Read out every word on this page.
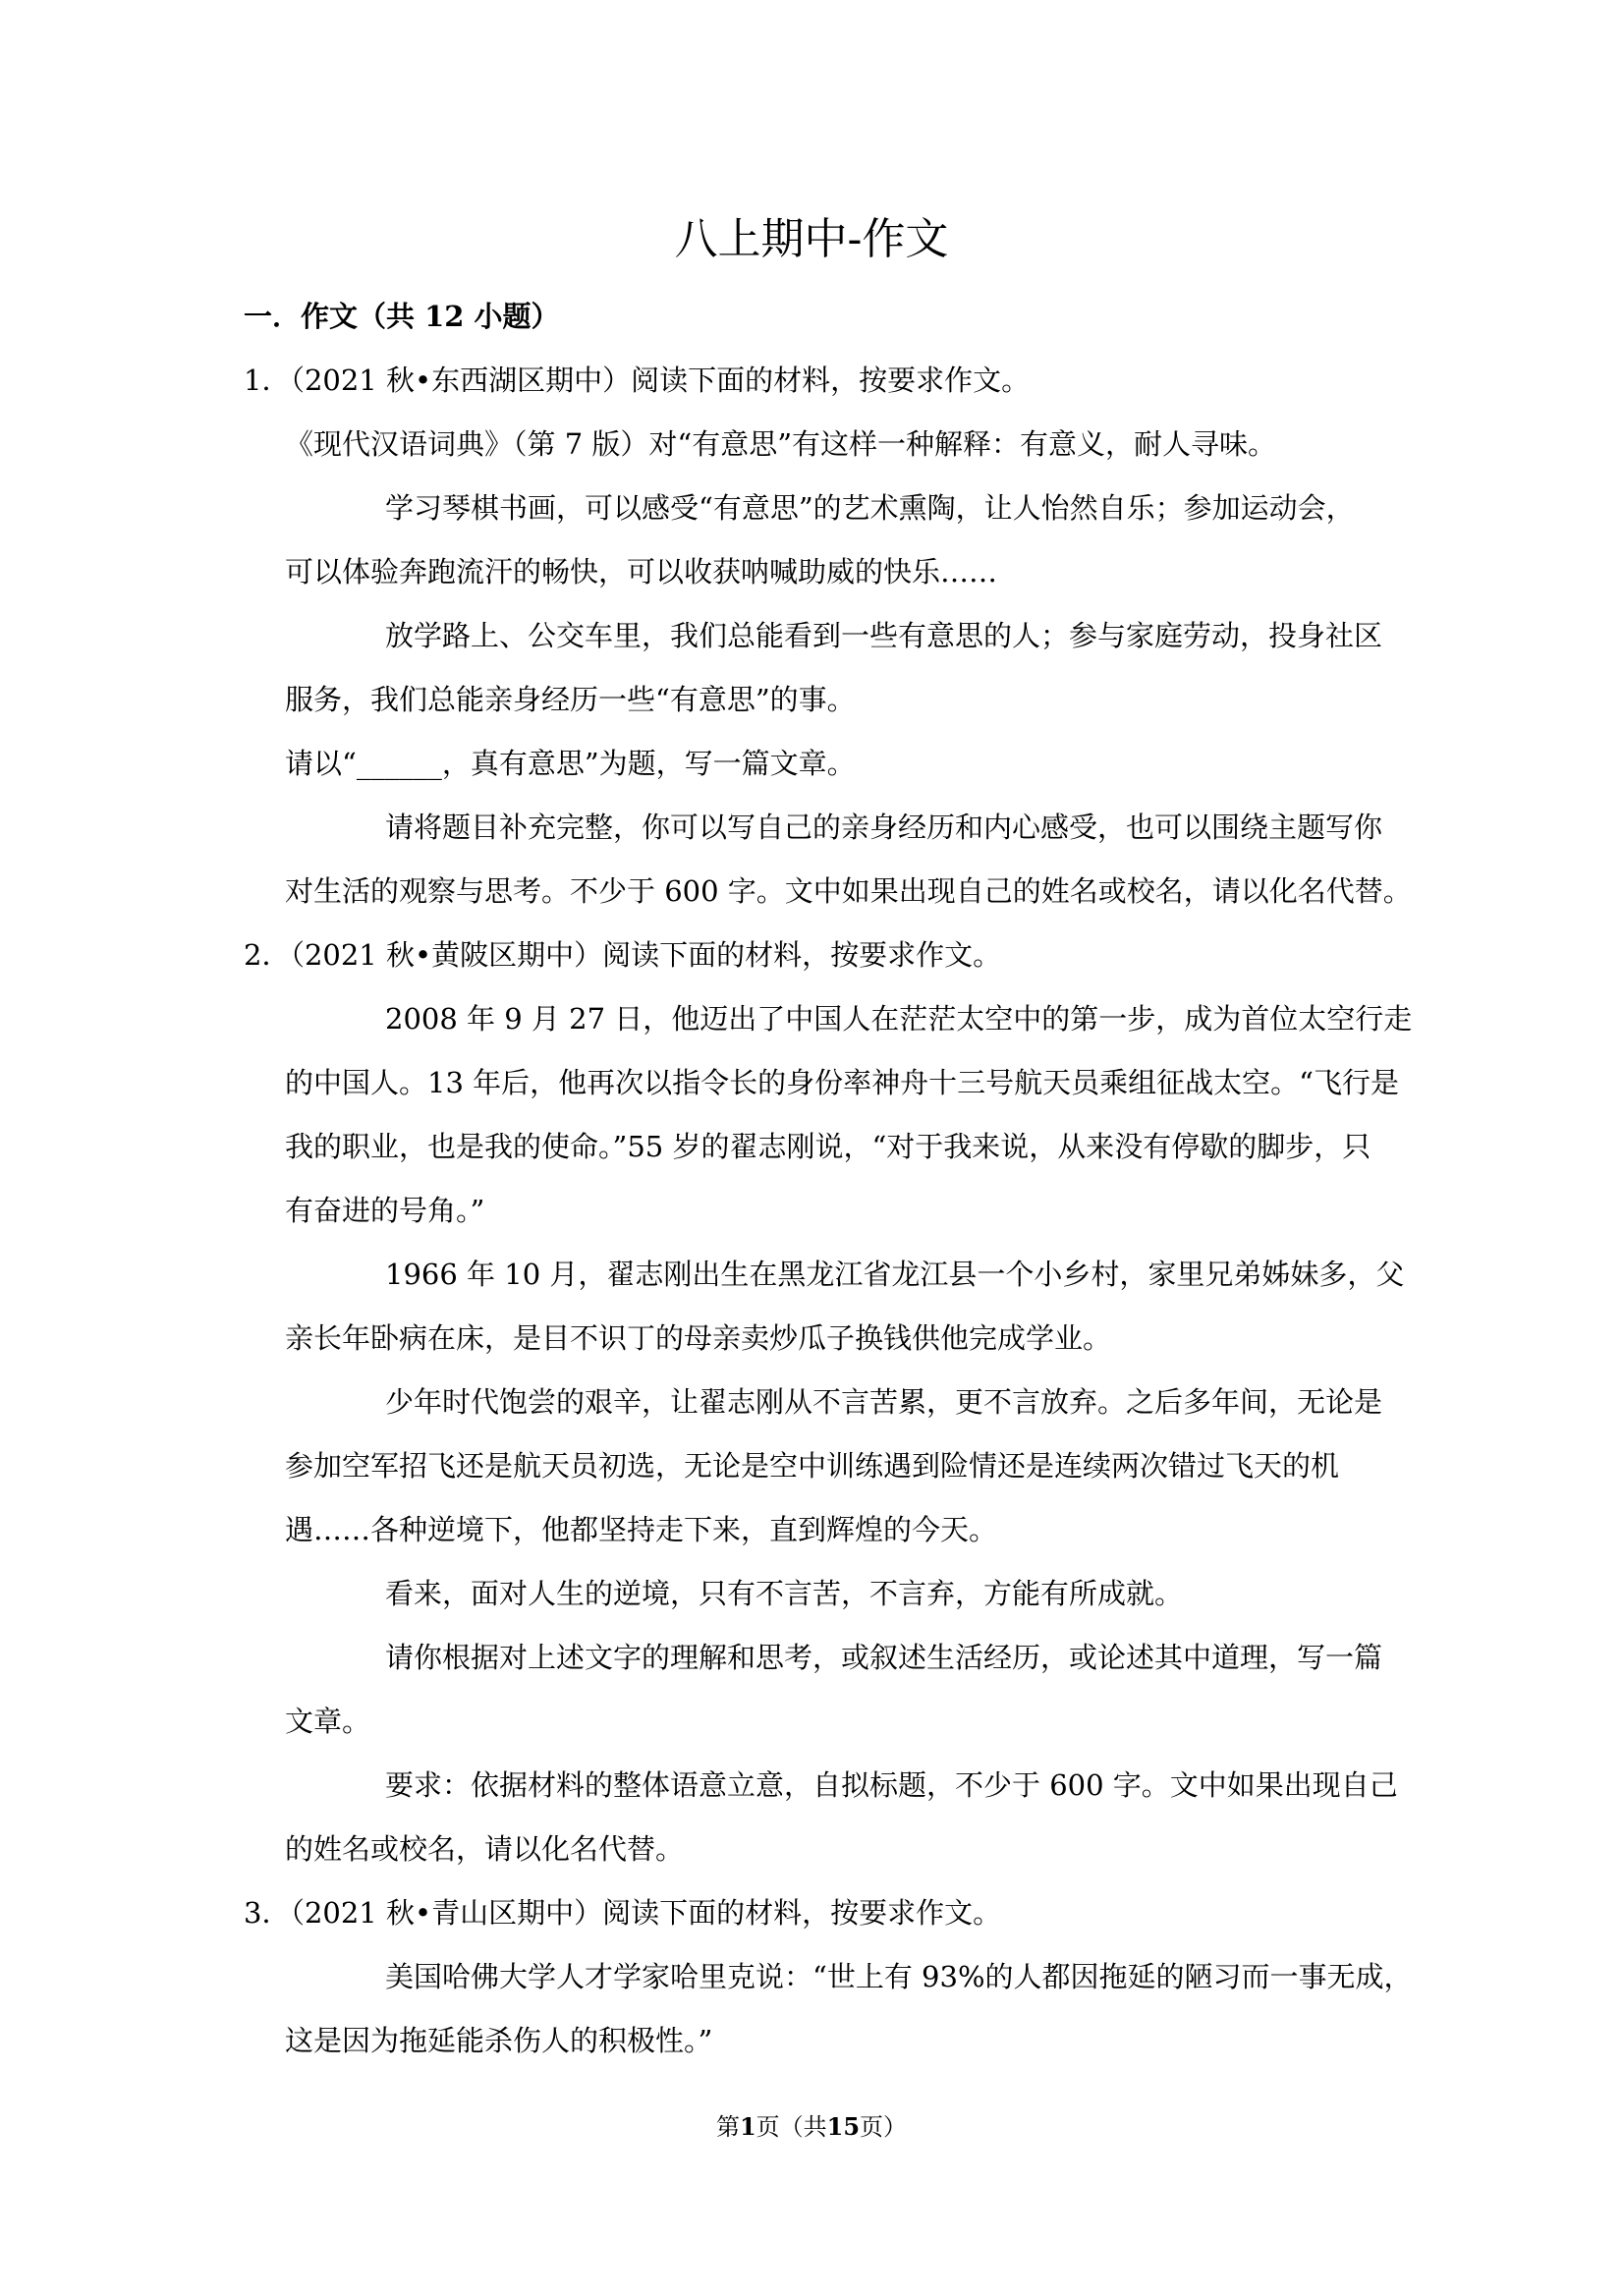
八上期中-作文

一．作文（共 12 小题）

1．（2021 秋•东西湖区期中）阅读下面的材料，按要求作文。

《现代汉语词典》（第 7 版）对“有意思”有这样一种解释：有意义，耐人寻味。

学习琴棋书画，可以感受“有意思”的艺术熏陶，让人怡然自乐；参加运动会，

可以体验奔跑流汗的畅快，可以收获呐喊助威的快乐……

放学路上、公交车里，我们总能看到一些有意思的人；参与家庭劳动，投身社区

服务，我们总能亲身经历一些“有意思”的事。

请以“______，真有意思”为题，写一篇文章。

请将题目补充完整，你可以写自己的亲身经历和内心感受，也可以围绕主题写你

对生活的观察与思考。不少于 600 字。文中如果出现自己的姓名或校名，请以化名代替。

2．（2021 秋•黄陂区期中）阅读下面的材料，按要求作文。

2008 年 9 月 27 日，他迈出了中国人在茫茫太空中的第一步，成为首位太空行走

的中国人。13 年后，他再次以指令长的身份率神舟十三号航天员乘组征战太空。“飞行是

我的职业，也是我的使命。”55 岁的翟志刚说，“对于我来说，从来没有停歇的脚步，只

有奋进的号角。”

1966 年 10 月，翟志刚出生在黑龙江省龙江县一个小乡村，家里兄弟姊妹多，父

亲长年卧病在床，是目不识丁的母亲卖炒瓜子换钱供他完成学业。

少年时代饱尝的艰辛，让翟志刚从不言苦累，更不言放弃。之后多年间，无论是

参加空军招飞还是航天员初选，无论是空中训练遇到险情还是连续两次错过飞天的机

遇……各种逆境下，他都坚持走下来，直到辉煌的今天。

看来，面对人生的逆境，只有不言苦，不言弃，方能有所成就。

请你根据对上述文字的理解和思考，或叙述生活经历，或论述其中道理，写一篇

文章。

要求：依据材料的整体语意立意，自拟标题，不少于 600 字。文中如果出现自己

的姓名或校名，请以化名代替。

3．（2021 秋•青山区期中）阅读下面的材料，按要求作文。

美国哈佛大学人才学家哈里克说：“世上有 93%的人都因拖延的陋习而一事无成，

这是因为拖延能杀伤人的积极性。”

第1页（共15页）
